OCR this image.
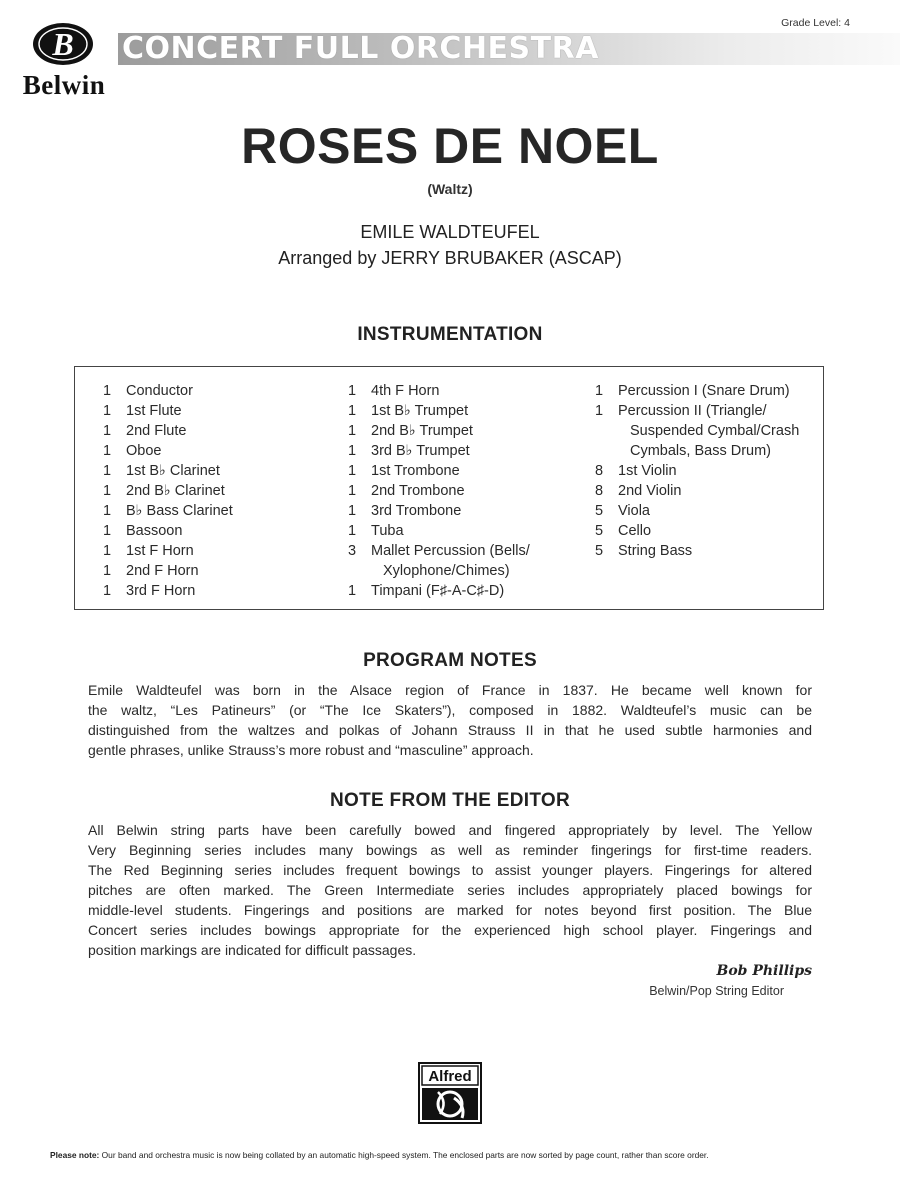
B
Belwin
CONCERT FULL ORCHESTRA
Grade Level: 4
ROSES DE NOEL
(Waltz)
EMILE WALDTEUFEL
Arranged by JERRY BRUBAKER (ASCAP)
INSTRUMENTATION
1	Conductor
1	1st Flute
1	2nd Flute
1	Oboe
1	1st B♭ Clarinet
1	2nd B♭ Clarinet
1	B♭ Bass Clarinet
1	Bassoon
1	1st F Horn
1	2nd F Horn
1	3rd F Horn
1	4th F Horn
1	1st B♭ Trumpet
1	2nd B♭ Trumpet
1	3rd B♭ Trumpet
1	1st Trombone
1	2nd Trombone
1	3rd Trombone
1	Tuba
3	Mallet Percussion (Bells/
Xylophone/Chimes)
1	Timpani (F♯-A-C♯-D)
1	Percussion I (Snare Drum)
1	Percussion II (Triangle/
Suspended Cymbal/Crash
Cymbals, Bass Drum)
8	1st Violin
8	2nd Violin
5	Viola
5	Cello
5	String Bass
PROGRAM NOTES
Emile Waldteufel was born in the Alsace region of France in 1837. He became well known for
the waltz, “Les Patineurs” (or “The Ice Skaters”), composed in 1882. Waldteufel’s music can be
distinguished from the waltzes and polkas of Johann Strauss II in that he used subtle harmonies and
gentle phrases, unlike Strauss’s more robust and “masculine” approach.
NOTE FROM THE EDITOR
All Belwin string parts have been carefully bowed and fingered appropriately by level. The Yellow
Very Beginning series includes many bowings as well as reminder fingerings for first-time readers.
The Red Beginning series includes frequent bowings to assist younger players. Fingerings for altered
pitches are often marked. The Green Intermediate series includes appropriately placed bowings for
middle-level students. Fingerings and positions are marked for notes beyond first position. The Blue
Concert series includes bowings appropriate for the experienced high school player. Fingerings and
position markings are indicated for difficult passages.
Bob Phillips
Belwin/Pop String Editor
Alfred
Please note: Our band and orchestra music is now being collated by an automatic high-speed system. The enclosed parts are now sorted by page count, rather than score order.
